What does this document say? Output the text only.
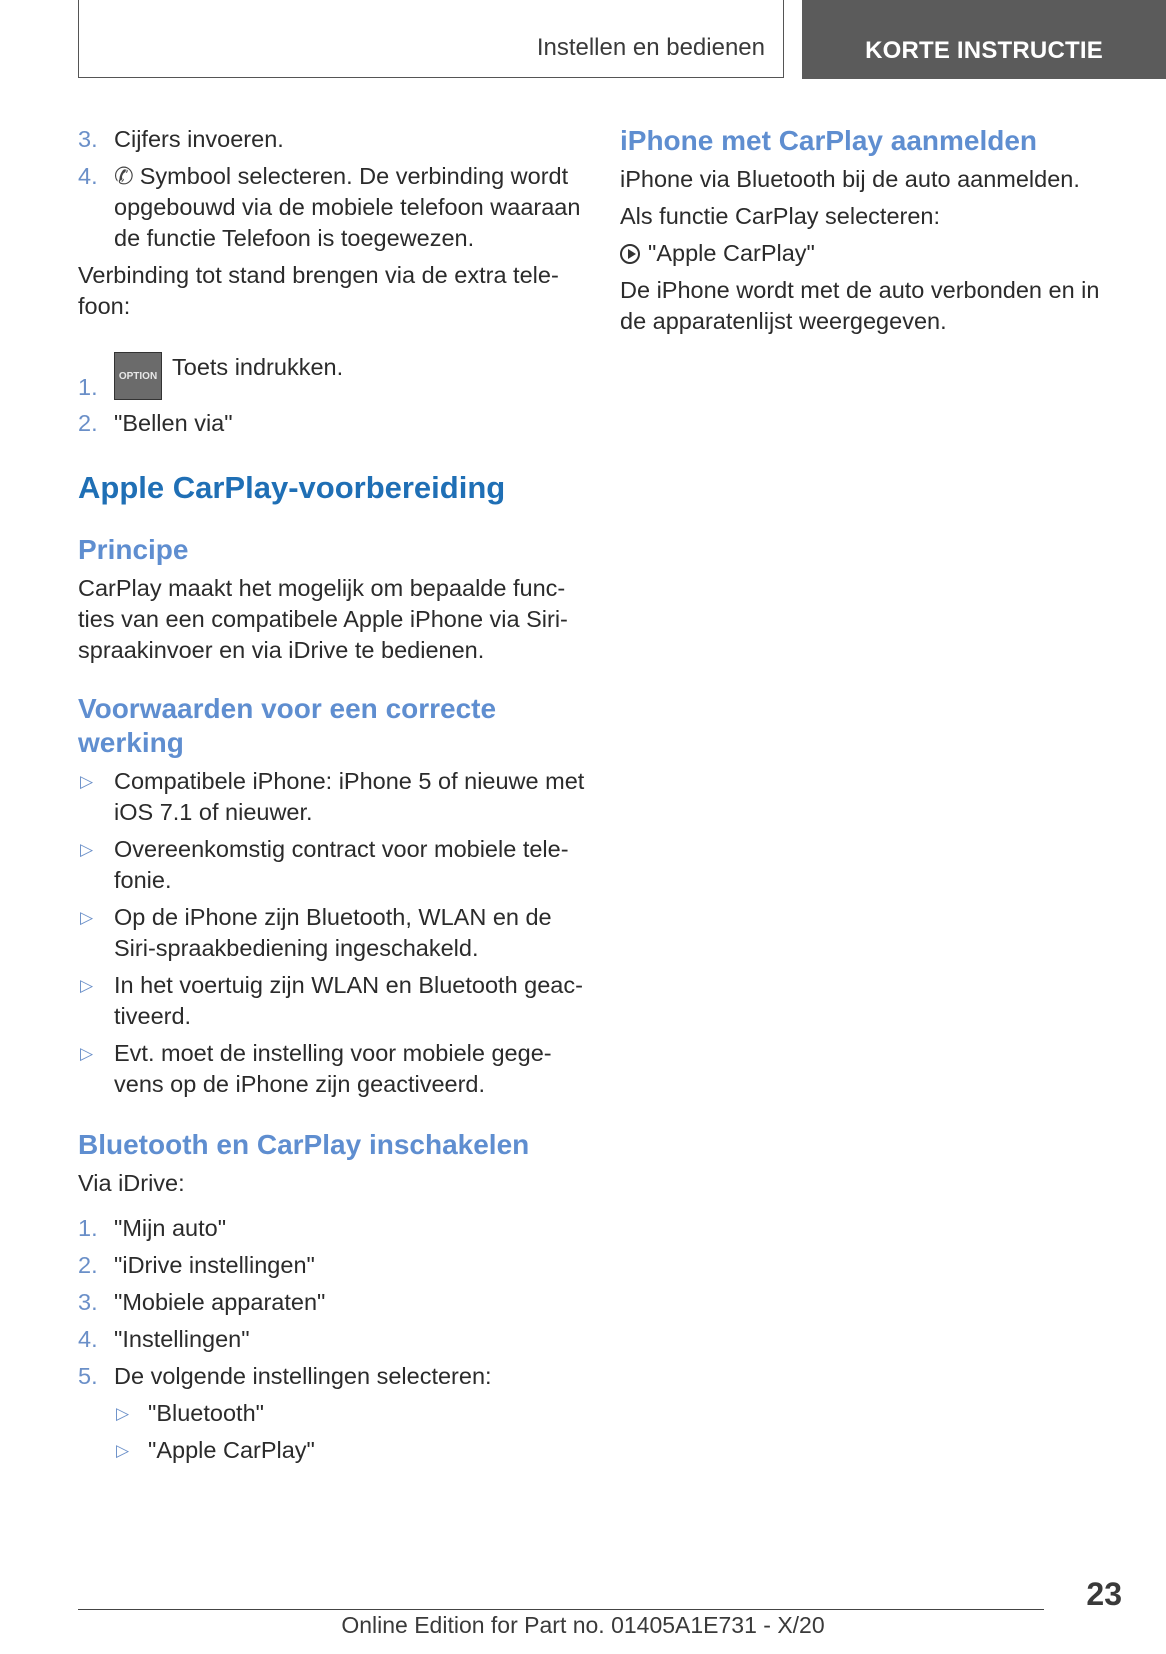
Instellen en bedienen	KORTE INSTRUCTIE
3. Cijfers invoeren.
4. ✆ Symbool selecteren. De verbinding wordt opgebouwd via de mobiele telefoon waaraan de functie Telefoon is toegewezen.

Verbinding tot stand brengen via de extra tele-foon:

1. OPTION Toets indrukken.
2. "Bellen via"
Apple CarPlay-voorbereiding
Principe

CarPlay maakt het mogelijk om bepaalde func-ties van een compatibele Apple iPhone via Siri-spraakinvoer en via iDrive te bedienen.

Voorwaarden voor een correcte werking
▷ Compatibele iPhone: iPhone 5 of nieuwe met iOS 7.1 of nieuwer.
▷ Overeenkomstig contract voor mobiele tele-fonie.
▷ Op de iPhone zijn Bluetooth, WLAN en de Siri-spraakbediening ingeschakeld.
▷ In het voertuig zijn WLAN en Bluetooth geac-tiveerd.
▷ Evt. moet de instelling voor mobiele gege-vens op de iPhone zijn geactiveerd.
Bluetooth en CarPlay inschakelen

Via iDrive:

1. "Mijn auto"
2. "iDrive instellingen"
3. "Mobiele apparaten"
4. "Instellingen"
5. De volgende instellingen selecteren:
▷ "Bluetooth"
▷ "Apple CarPlay"
iPhone met CarPlay aanmelden

iPhone via Bluetooth bij de auto aanmelden.

Als functie CarPlay selecteren:

"Apple CarPlay"

De iPhone wordt met de auto verbonden en in de apparatenlijst weergegeven.

23
Online Edition for Part no. 01405A1E731 - X/20
